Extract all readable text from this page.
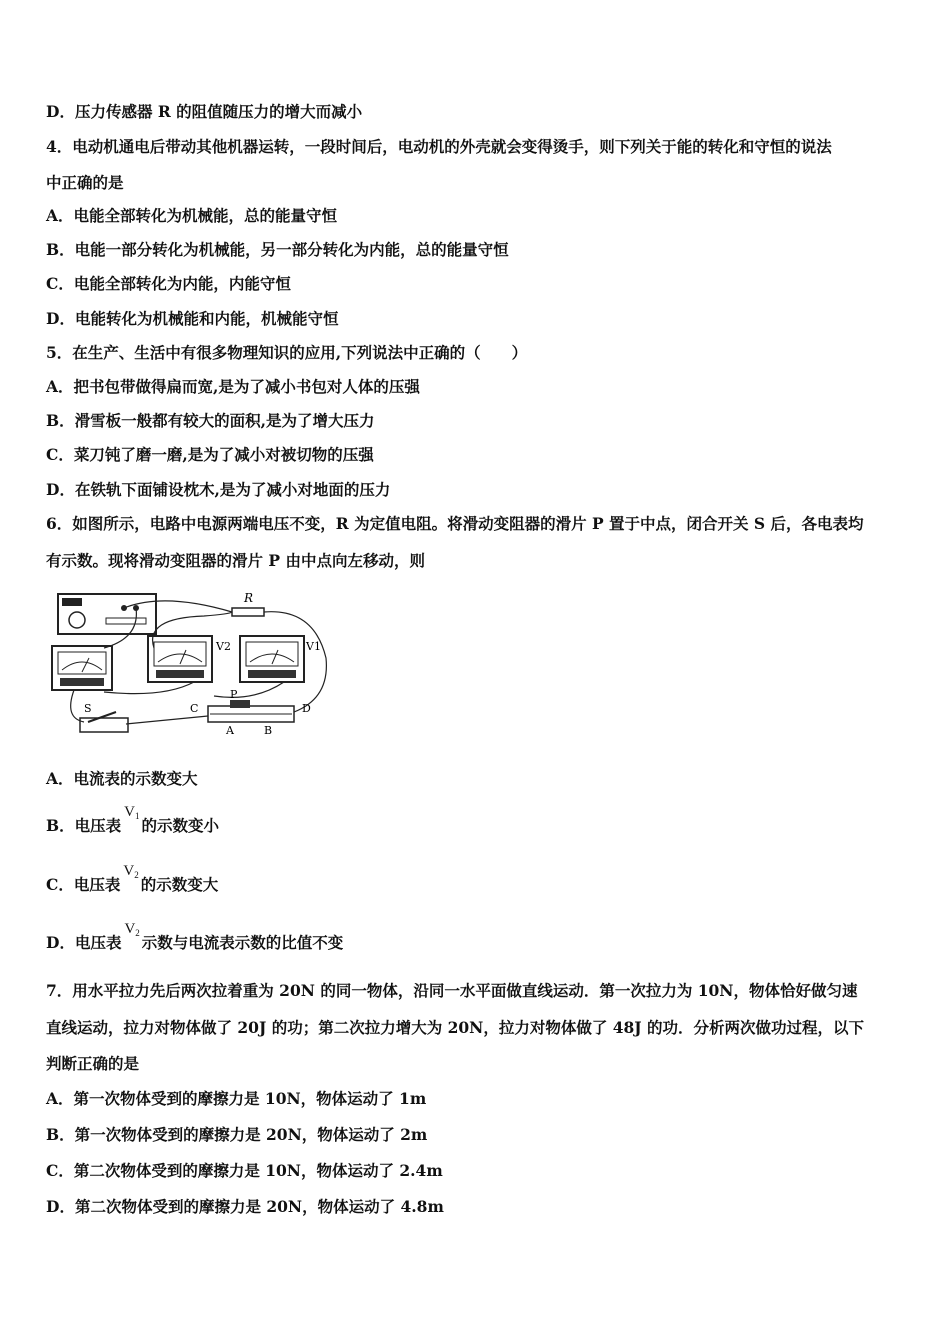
D．压力传感器 R 的阻值随压力的增大而减小
4．电动机通电后带动其他机器运转，一段时间后，电动机的外壳就会变得烫手，则下列关于能的转化和守恒的说法
中正确的是
A．电能全部转化为机械能，总的能量守恒
B．电能一部分转化为机械能，另一部分转化为内能，总的能量守恒
C．电能全部转化为内能，内能守恒
D．电能转化为机械能和内能，机械能守恒
5．在生产、生活中有很多物理知识的应用,下列说法中正确的（　　）
A．把书包带做得扁而宽,是为了减小书包对人体的压强
B．滑雪板一般都有较大的面积,是为了增大压力
C．菜刀钝了磨一磨,是为了减小对被切物的压强
D．在铁轨下面铺设枕木,是为了减小对地面的压力
6．如图所示，电路中电源两端电压不变，R 为定值电阻。将滑动变阻器的滑片 P 置于中点，闭合开关 S 后，各电表均
有示数。现将滑动变阻器的滑片 P 由中点向左移动，则
R
V2	V1
S	C
P
D
A	B
A．电流表的示数变大
B．电压表$V_1$ 的示数变小
C．电压表$V_2$ 的示数变大
D．电压表$V_2$ 示数与电流表示数的比值不变
7．用水平拉力先后两次拉着重为 20N 的同一物体，沿同一水平面做直线运动．第一次拉力为 10N，物体恰好做匀速
直线运动，拉力对物体做了 20J 的功；第二次拉力增大为 20N，拉力对物体做了 48J 的功．分析两次做功过程，以下
判断正确的是
A．第一次物体受到的摩擦力是 10N，物体运动了 1m
B．第一次物体受到的摩擦力是 20N，物体运动了 2m
C．第二次物体受到的摩擦力是 10N，物体运动了 2.4m
D．第二次物体受到的摩擦力是 20N，物体运动了 4.8m
